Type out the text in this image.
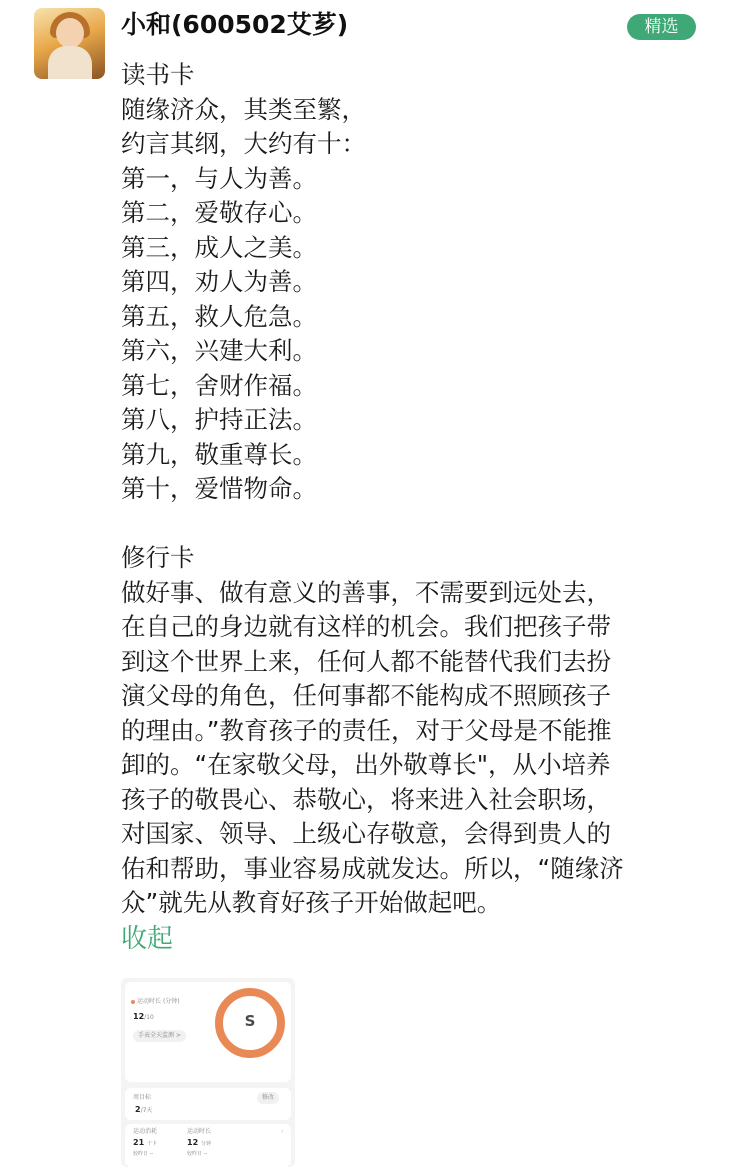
小和(600502艾芗)	精选
读书卡
随缘济众，其类至繁，
约言其纲，大约有十：
第一，与人为善。
第二，爱敬存心。
第三，成人之美。
第四，劝人为善。
第五，救人危急。
第六，兴建大利。
第七，舍财作福。
第八，护持正法。
第九，敬重尊长。
第十，爱惜物命。
修行卡
做好事、做有意义的善事，不需要到远处去，
在自己的身边就有这样的机会。我们把孩子带
到这个世界上来，任何人都不能替代我们去扮
演父母的角色，任何事都不能构成不照顾孩子
的理由。”教育孩子的责任，对于父母是不能推
卸的。“在家敬父母，出外敬尊长"，从小培养
孩子的敬畏心、恭敬心，将来进入社会职场，
对国家、领导、上级心存敬意，会得到贵人的
佑和帮助，事业容易成就发达。所以，“随缘济
众”就先从教育好孩子开始做起吧。
收起
运动时长 (分钟)
12/10
手表全天监测 >
S
周目标
2/7天
修改
运动消耗
21 千卡
较昨日 --
运动时长
12 分钟
较昨日 --
›
